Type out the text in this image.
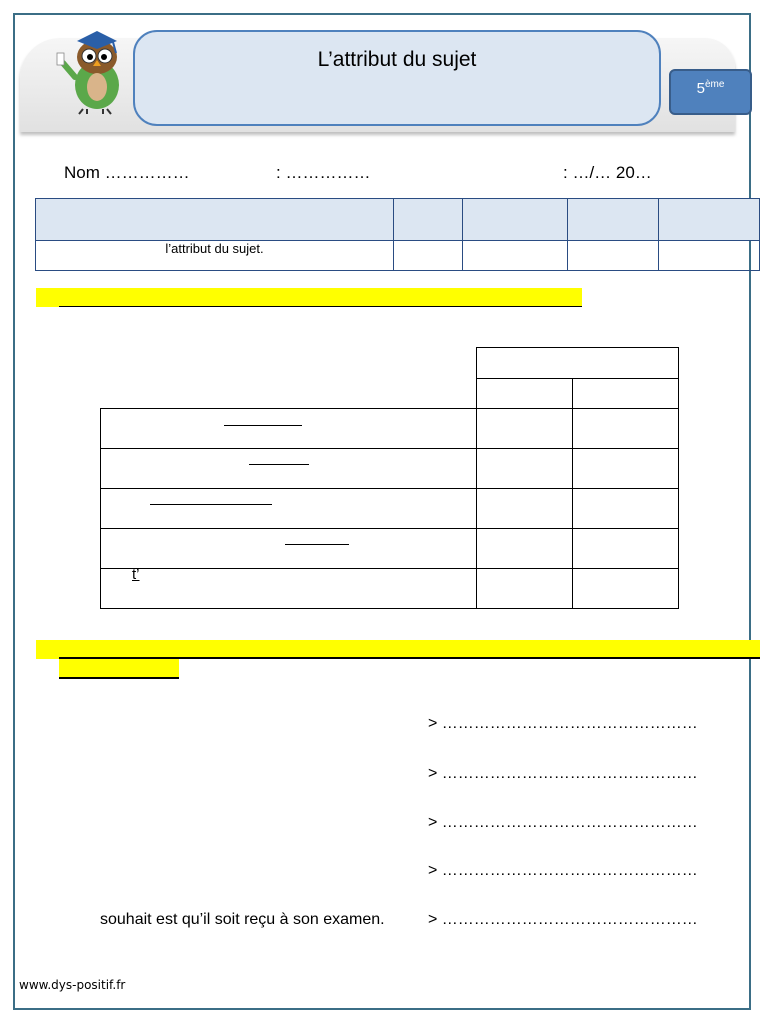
L’attribut du sujet
5ème
Nom ……………	: ……………	: …/… 20…

l’attribut du sujet.				

t’
> …………………………………………
> …………………………………………
> …………………………………………
> …………………………………………
souhait est qu’il soit reçu à son examen.	> …………………………………………
www.dys-positif.fr
